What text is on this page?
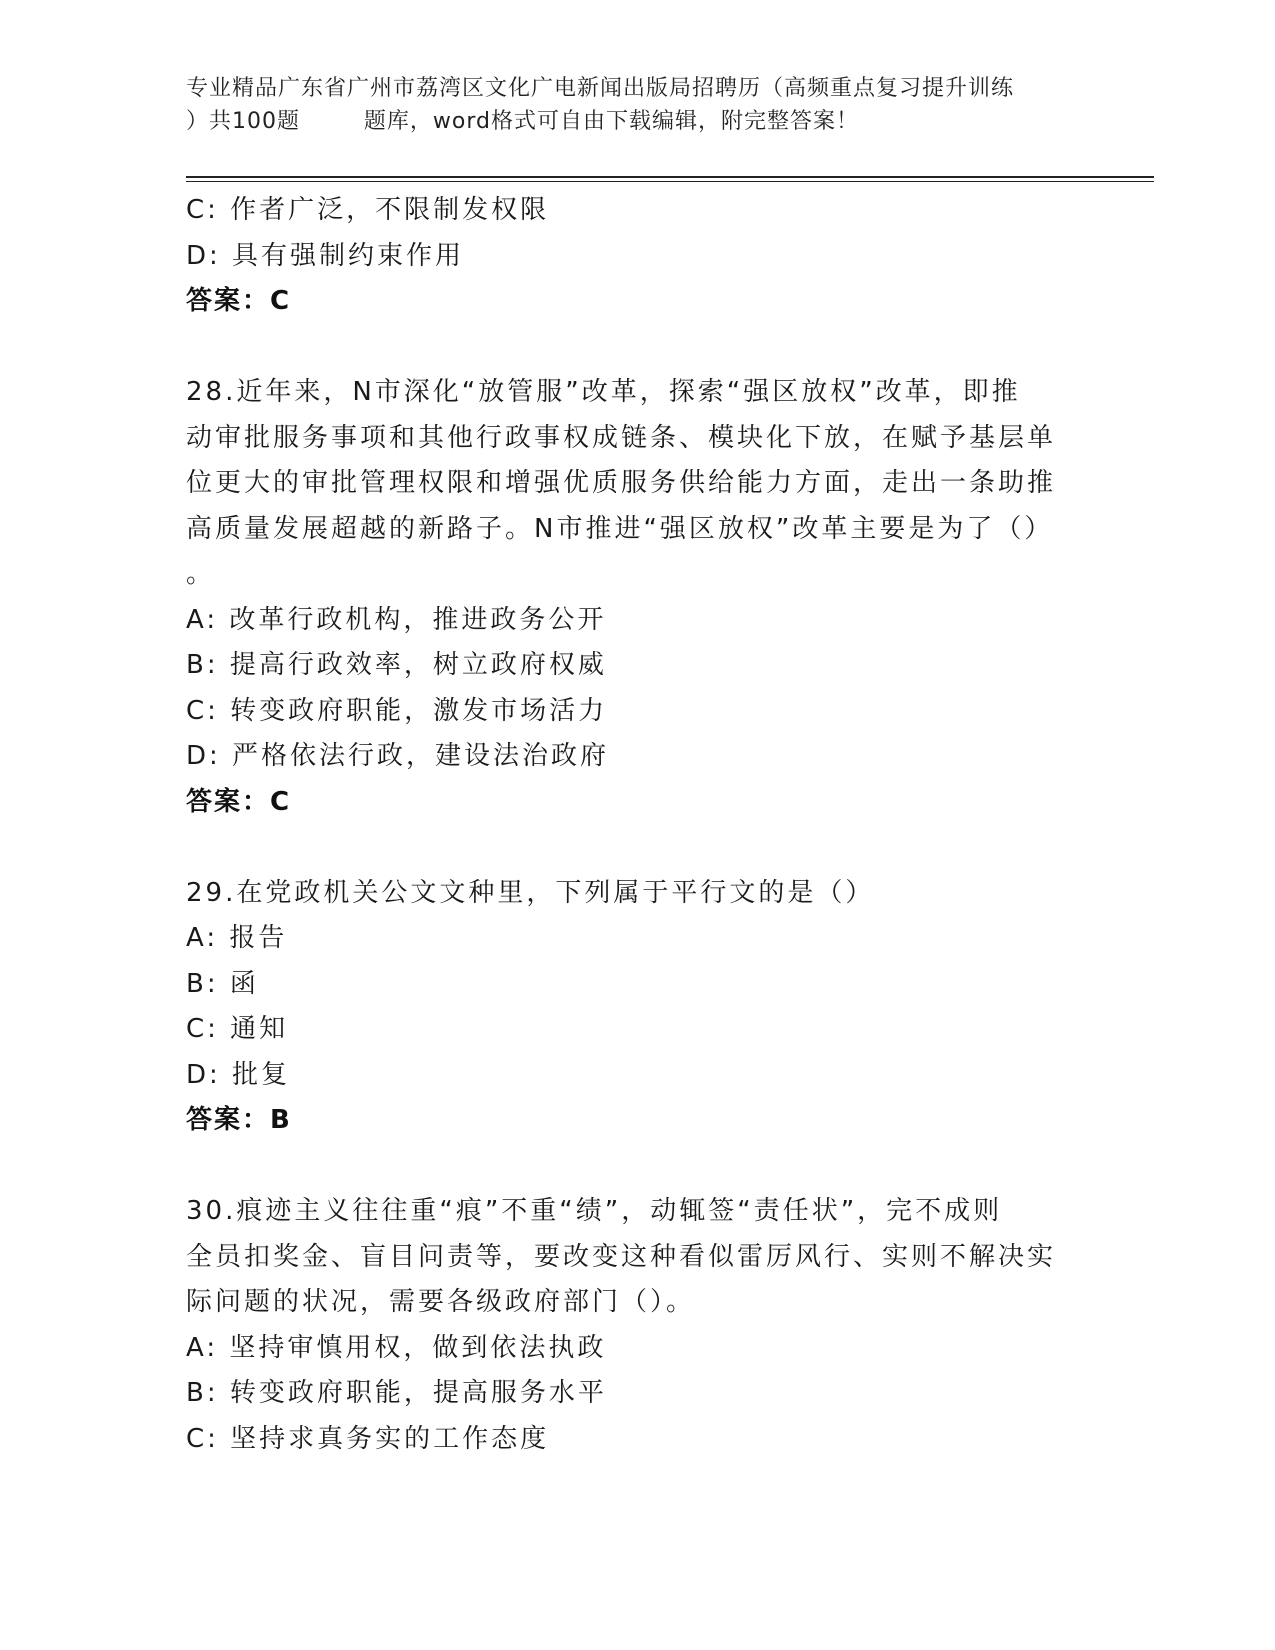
专业精品广东省广州市荔湾区文化广电新闻出版局招聘历（高频重点复习提升训练
）共100题        题库，word格式可自由下载编辑，附完整答案！
C: 作者广泛，不限制发权限
D: 具有强制约束作用
答案：C
28.近年来，N市深化“放管服”改革，探索“强区放权”改革，即推
动审批服务事项和其他行政事权成链条、模块化下放，在赋予基层单
位更大的审批管理权限和增强优质服务供给能力方面，走出一条助推
高质量发展超越的新路子。N市推进“强区放权”改革主要是为了（）
。
A: 改革行政机构，推进政务公开
B: 提高行政效率，树立政府权威
C: 转变政府职能，激发市场活力
D: 严格依法行政，建设法治政府
答案：C
29.在党政机关公文文种里，下列属于平行文的是（）
A: 报告
B: 函
C: 通知
D: 批复
答案：B
30.痕迹主义往往重“痕”不重“绩”，动辄签“责任状”，完不成则
全员扣奖金、盲目问责等，要改变这种看似雷厉风行、实则不解决实
际问题的状况，需要各级政府部门（）。
A: 坚持审慎用权，做到依法执政
B: 转变政府职能，提高服务水平
C: 坚持求真务实的工作态度
